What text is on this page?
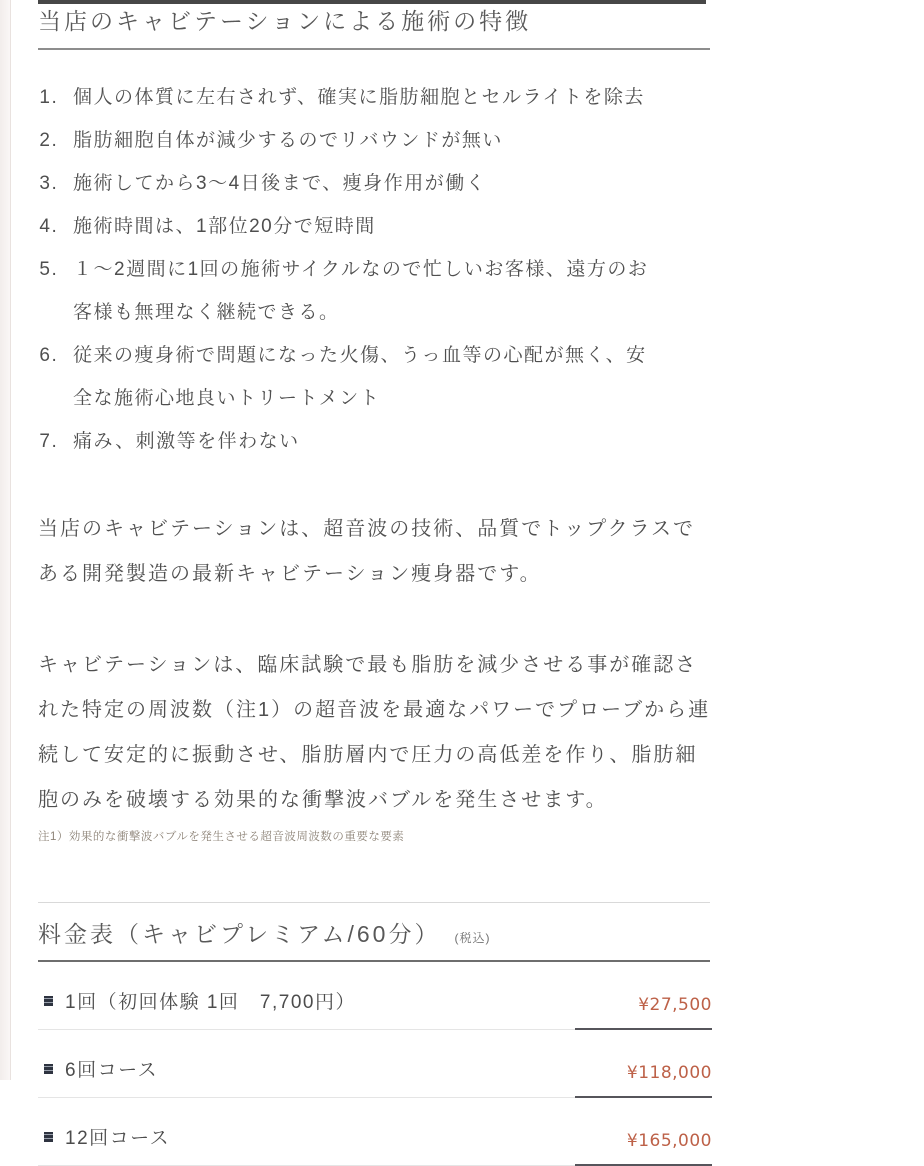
当店のキャビテーションによる施術の特徴
1. 個人の体質に左右されず、確実に脂肪細胞とセルライトを除去
2. 脂肪細胞自体が減少するのでリバウンドが無い
3. 施術してから3～4日後まで、痩身作用が働く
4. 施術時間は、1部位20分で短時間
5. １～2週間に1回の施術サイクルなので忙しいお客様、遠方のお客様も無理なく継続できる。
6. 従来の痩身術で問題になった火傷、うっ血等の心配が無く、安全な施術心地良いトリートメント
7. 痛み、刺激等を伴わない

当店のキャビテーションは、超音波の技術、品質でトップクラスである開発製造の最新キャビテーション痩身器です。

キャビテーションは、臨床試験で最も脂肪を減少させる事が確認された特定の周波数（注1）の超音波を最適なパワーでプローブから連続して安定的に振動させ、脂肪層内で圧力の高低差を作り、脂肪細胞のみを破壊する効果的な衝撃波バブルを発生させます。

注1）効果的な衝撃波バブルを発生させる超音波周波数の重要な要素

料金表（キャビプレミアム/60分） (税込)
1回（初回体験 1回　7,700円）	¥27,500
6回コース	¥118,000
12回コース	¥165,000
